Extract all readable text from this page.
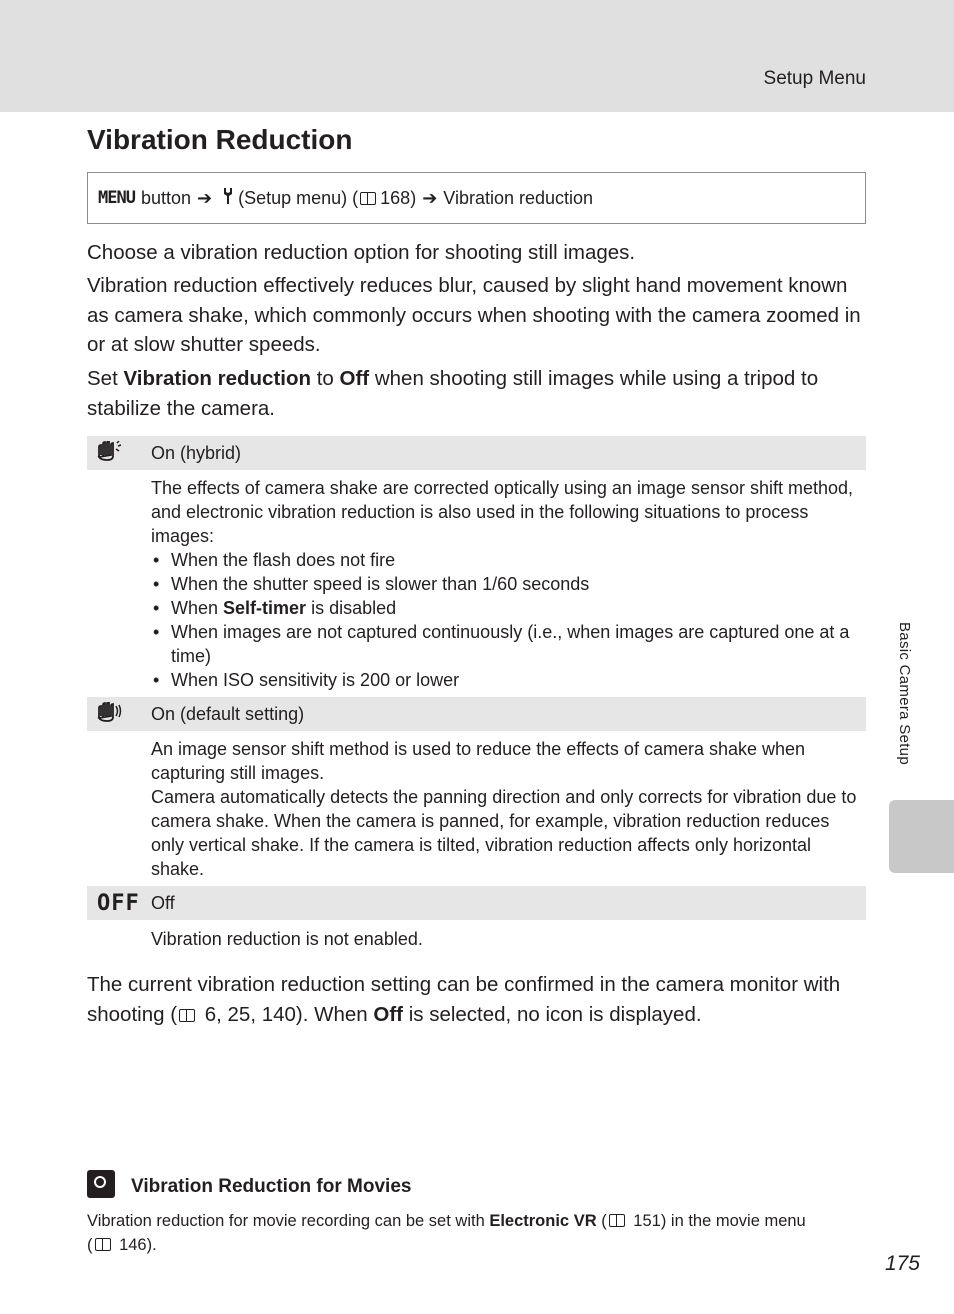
Setup Menu
Vibration Reduction
MENU button ➔ (Setup menu) ( 168) ➔ Vibration reduction

Choose a vibration reduction option for shooting still images.

Vibration reduction effectively reduces blur, caused by slight hand movement known as camera shake, which commonly occurs when shooting with the camera zoomed in or at slow shutter speeds.

Set Vibration reduction to Off when shooting still images while using a tripod to stabilize the camera.

On (hybrid)

The effects of camera shake are corrected optically using an image sensor shift method, and electronic vibration reduction is also used in the following situations to process images:

• When the flash does not fire
• When the shutter speed is slower than 1/60 seconds
• When Self-timer is disabled
• When images are not captured continuously (i.e., when images are captured one at a time)
• When ISO sensitivity is 200 or lower
On (default setting)

An image sensor shift method is used to reduce the effects of camera shake when capturing still images.

Camera automatically detects the panning direction and only corrects for vibration due to camera shake. When the camera is panned, for example, vibration reduction reduces only vertical shake. If the camera is tilted, vibration reduction affects only horizontal shake.

OFF Off

Vibration reduction is not enabled.

The current vibration reduction setting can be confirmed in the camera monitor with shooting ( 6, 25, 140). When Off is selected, no icon is displayed.

Vibration Reduction for Movies

Vibration reduction for movie recording can be set with Electronic VR ( 151) in the movie menu

( 146).

175
Basic Camera Setup
